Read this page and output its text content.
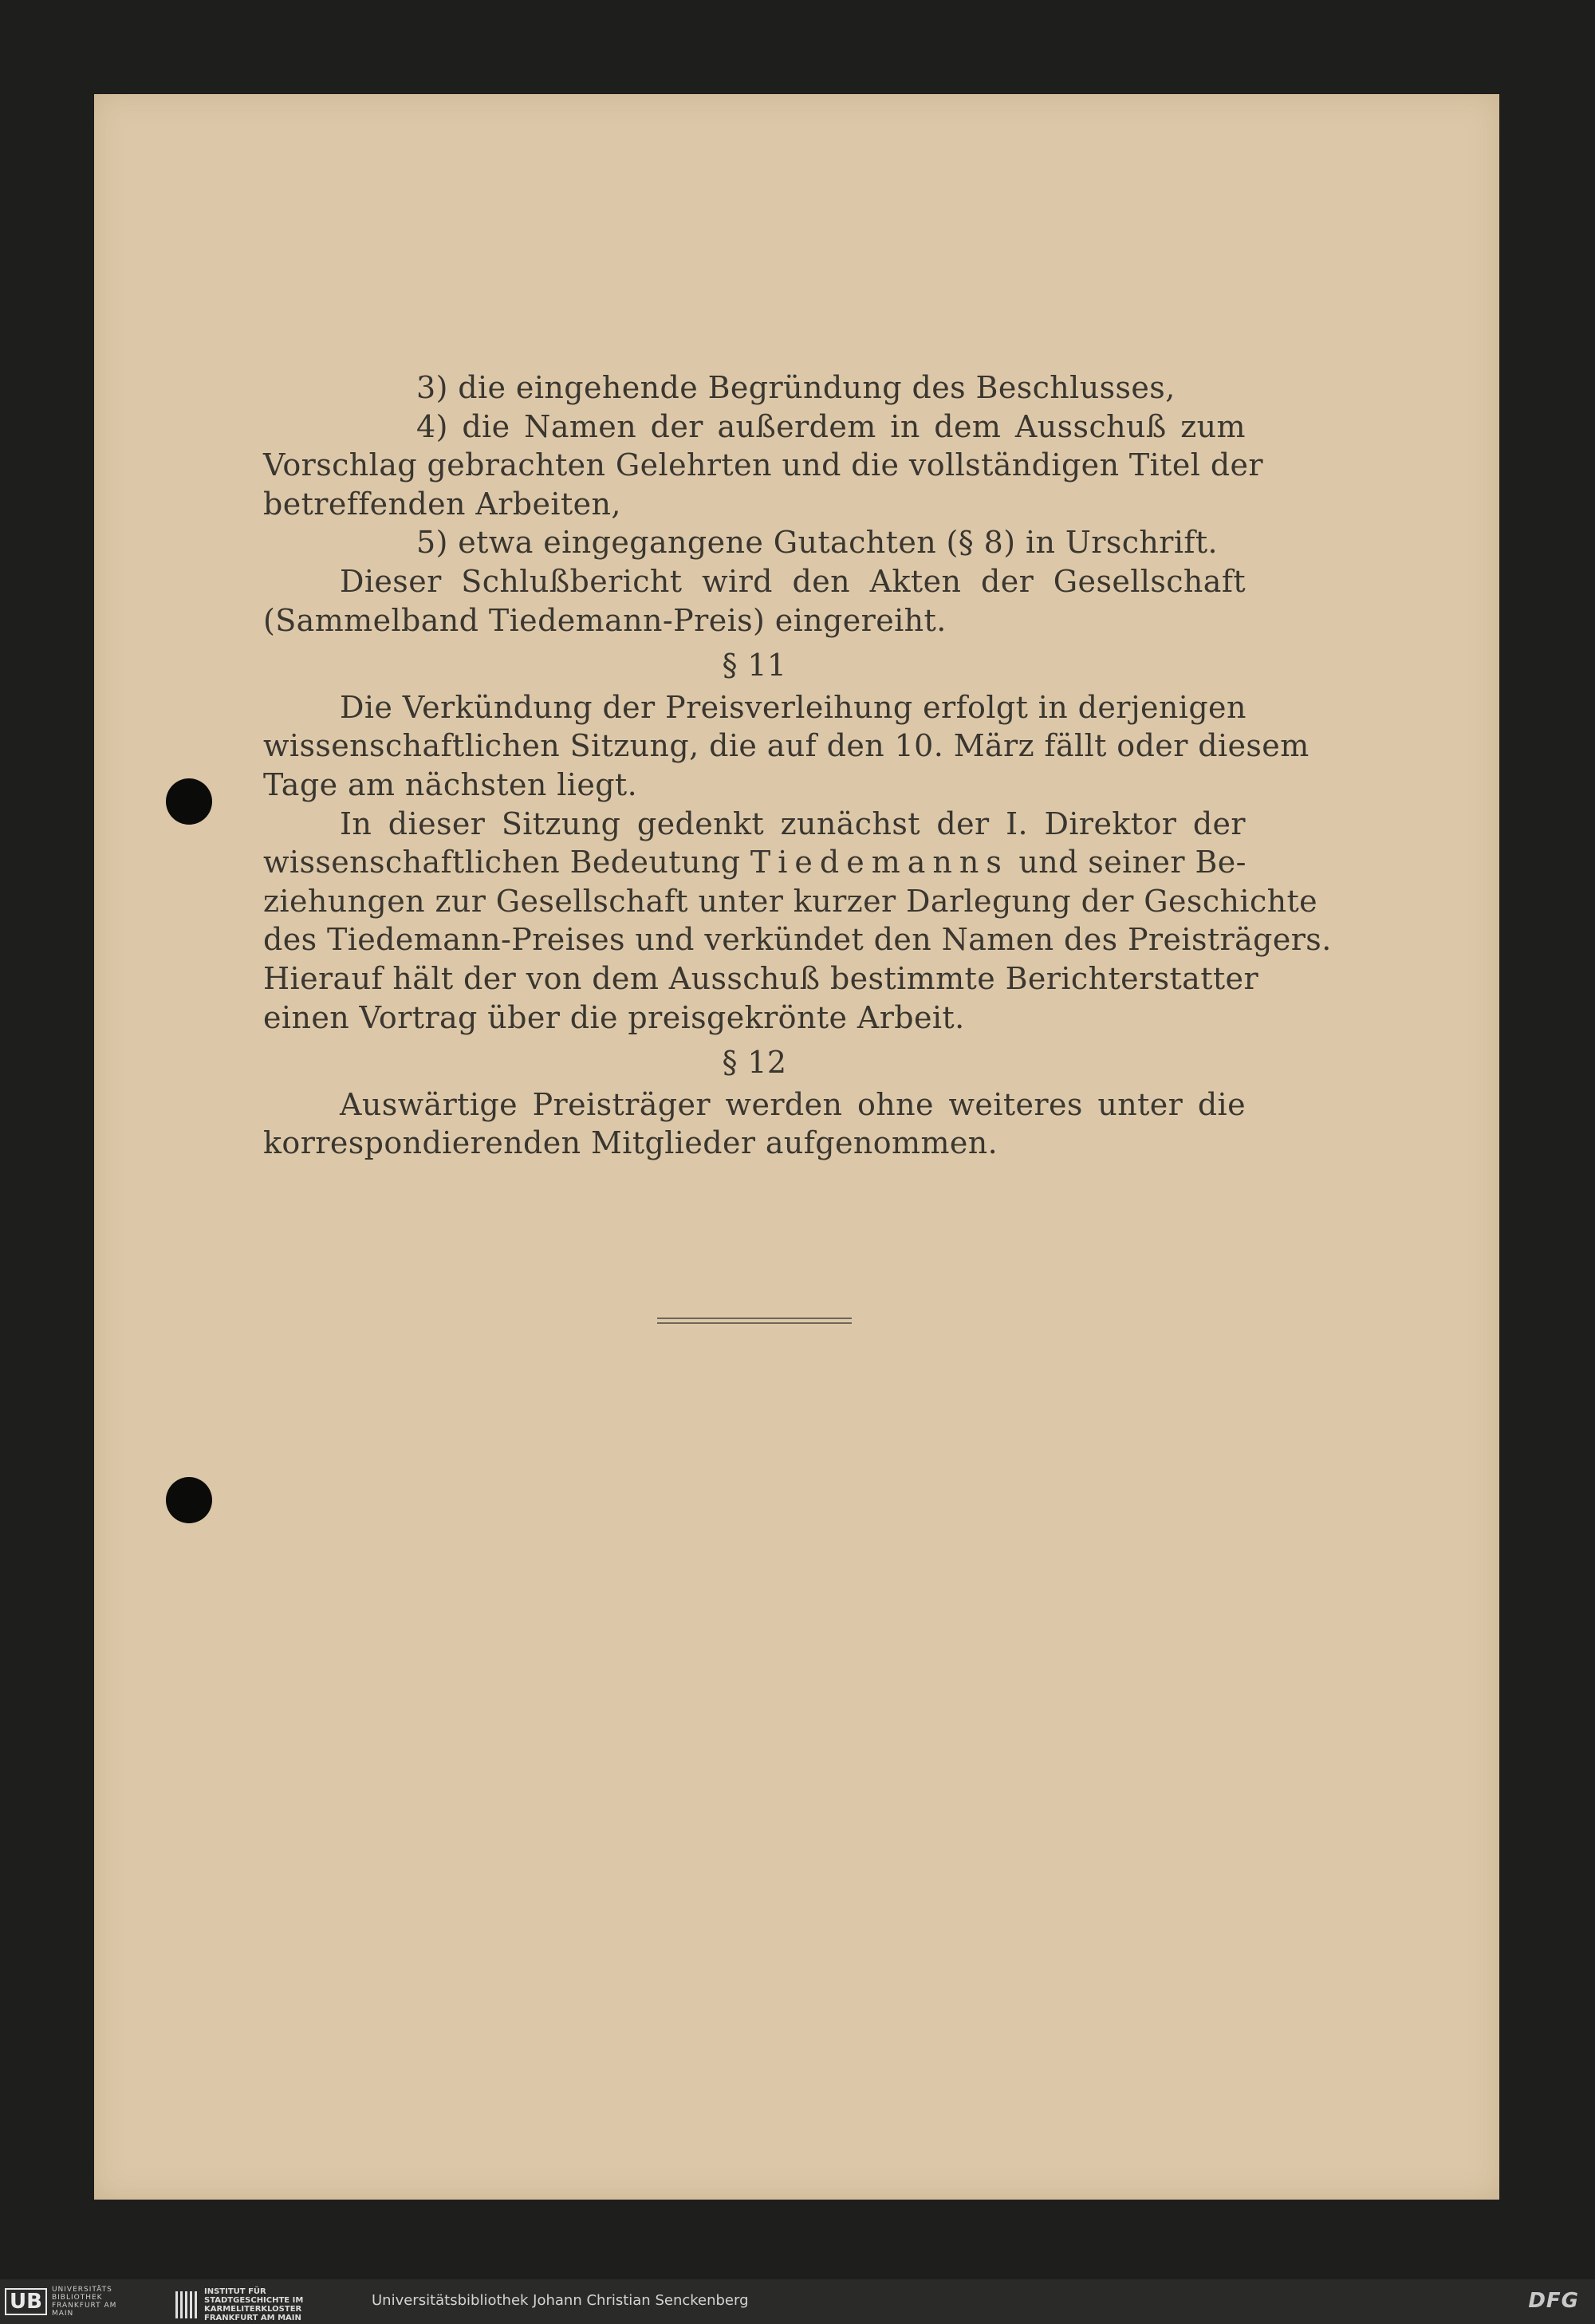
3) die eingehende Begründung des Beschlusses,
4) die Namen der außerdem in dem Ausschuß zum
Vorschlag gebrachten Gelehrten und die vollständigen Titel der
betreffenden Arbeiten,
5) etwa eingegangene Gutachten (§ 8) in Urschrift.
Dieser Schlußbericht wird den Akten der Gesellschaft
(Sammelband Tiedemann-Preis) eingereiht.
§ 11
Die Verkündung der Preisverleihung erfolgt in derjenigen
wissenschaftlichen Sitzung, die auf den 10. März fällt oder diesem
Tage am nächsten liegt.
In dieser Sitzung gedenkt zunächst der I. Direktor der
wissenschaftlichen Bedeutung Tiedemanns und seiner Be-
ziehungen zur Gesellschaft unter kurzer Darlegung der Geschichte
des Tiedemann-Preises und verkündet den Namen des Preisträgers.
Hierauf hält der von dem Ausschuß bestimmte Berichterstatter
einen Vortrag über die preisgekrönte Arbeit.
§ 12
Auswärtige Preisträger werden ohne weiteres unter die
korrespondierenden Mitglieder aufgenommen.
UB	UNIVERSITÄTS BIBLIOTHEK FRANKFURT AM MAIN
INSTITUT FÜR STADTGESCHICHTE IM KARMELITERKLOSTER FRANKFURT AM MAIN
Universitätsbibliothek Johann Christian Senckenberg	DFG
